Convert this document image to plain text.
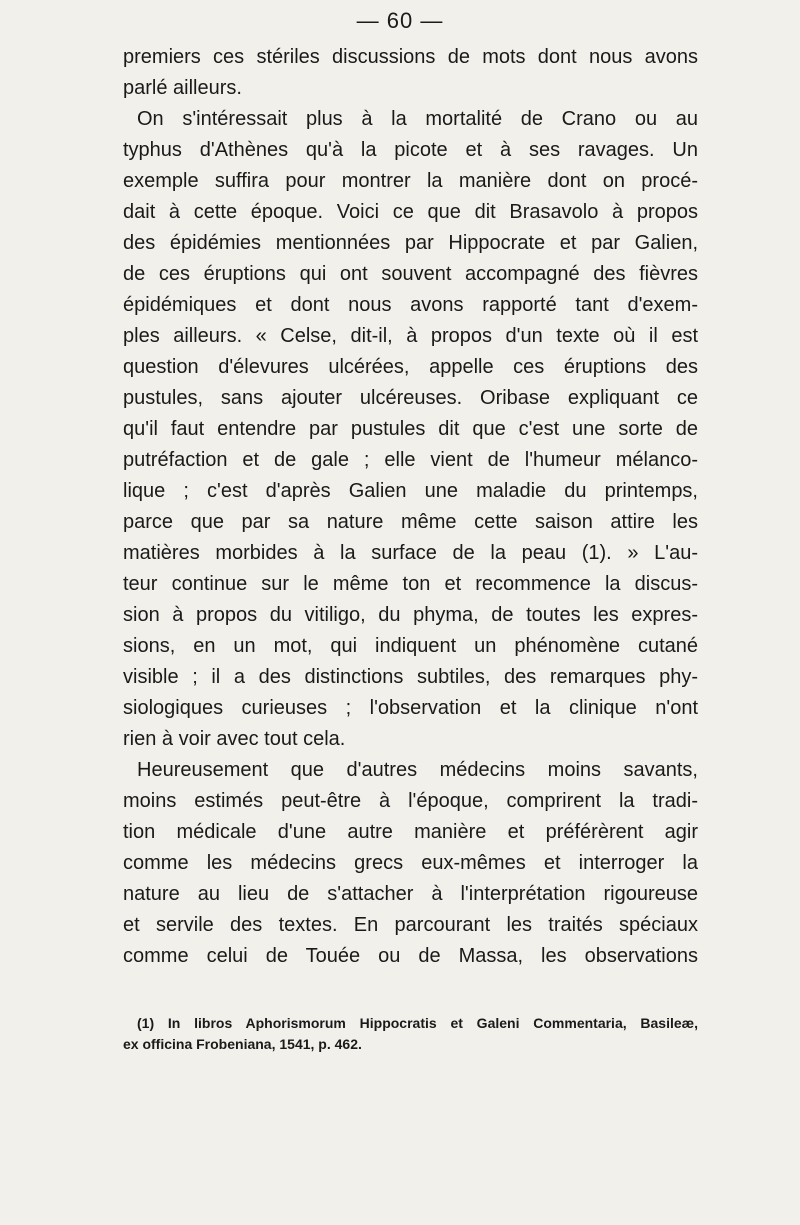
— 60 —
premiers ces stériles discussions de mots dont nous avons
parlé ailleurs.
On s'intéressait plus à la mortalité de Crano ou au
typhus d'Athènes qu'à la picote et à ses ravages. Un
exemple suffira pour montrer la manière dont on procé-
dait à cette époque. Voici ce que dit Brasavolo à propos
des épidémies mentionnées par Hippocrate et par Galien,
de ces éruptions qui ont souvent accompagné des fièvres
épidémiques et dont nous avons rapporté tant d'exem-
ples ailleurs. « Celse, dit-il, à propos d'un texte où il est
question d'élevures ulcérées, appelle ces éruptions des
pustules, sans ajouter ulcéreuses. Oribase expliquant ce
qu'il faut entendre par pustules dit que c'est une sorte de
putréfaction et de gale ; elle vient de l'humeur mélanco-
lique ; c'est d'après Galien une maladie du printemps,
parce que par sa nature même cette saison attire les
matières morbides à la surface de la peau (1). » L'au-
teur continue sur le même ton et recommence la discus-
sion à propos du vitiligo, du phyma, de toutes les expres-
sions, en un mot, qui indiquent un phénomène cutané
visible ; il a des distinctions subtiles, des remarques phy-
siologiques curieuses ; l'observation et la clinique n'ont
rien à voir avec tout cela.
Heureusement que d'autres médecins moins savants,
moins estimés peut-être à l'époque, comprirent la tradi-
tion médicale d'une autre manière et préférèrent agir
comme les médecins grecs eux-mêmes et interroger la
nature au lieu de s'attacher à l'interprétation rigoureuse
et servile des textes. En parcourant les traités spéciaux
comme celui de Touée ou de Massa, les observations
(1) In libros Aphorismorum Hippocratis et Galeni Commentaria, Basileæ,
ex officina Frobeniana, 1541, p. 462.
